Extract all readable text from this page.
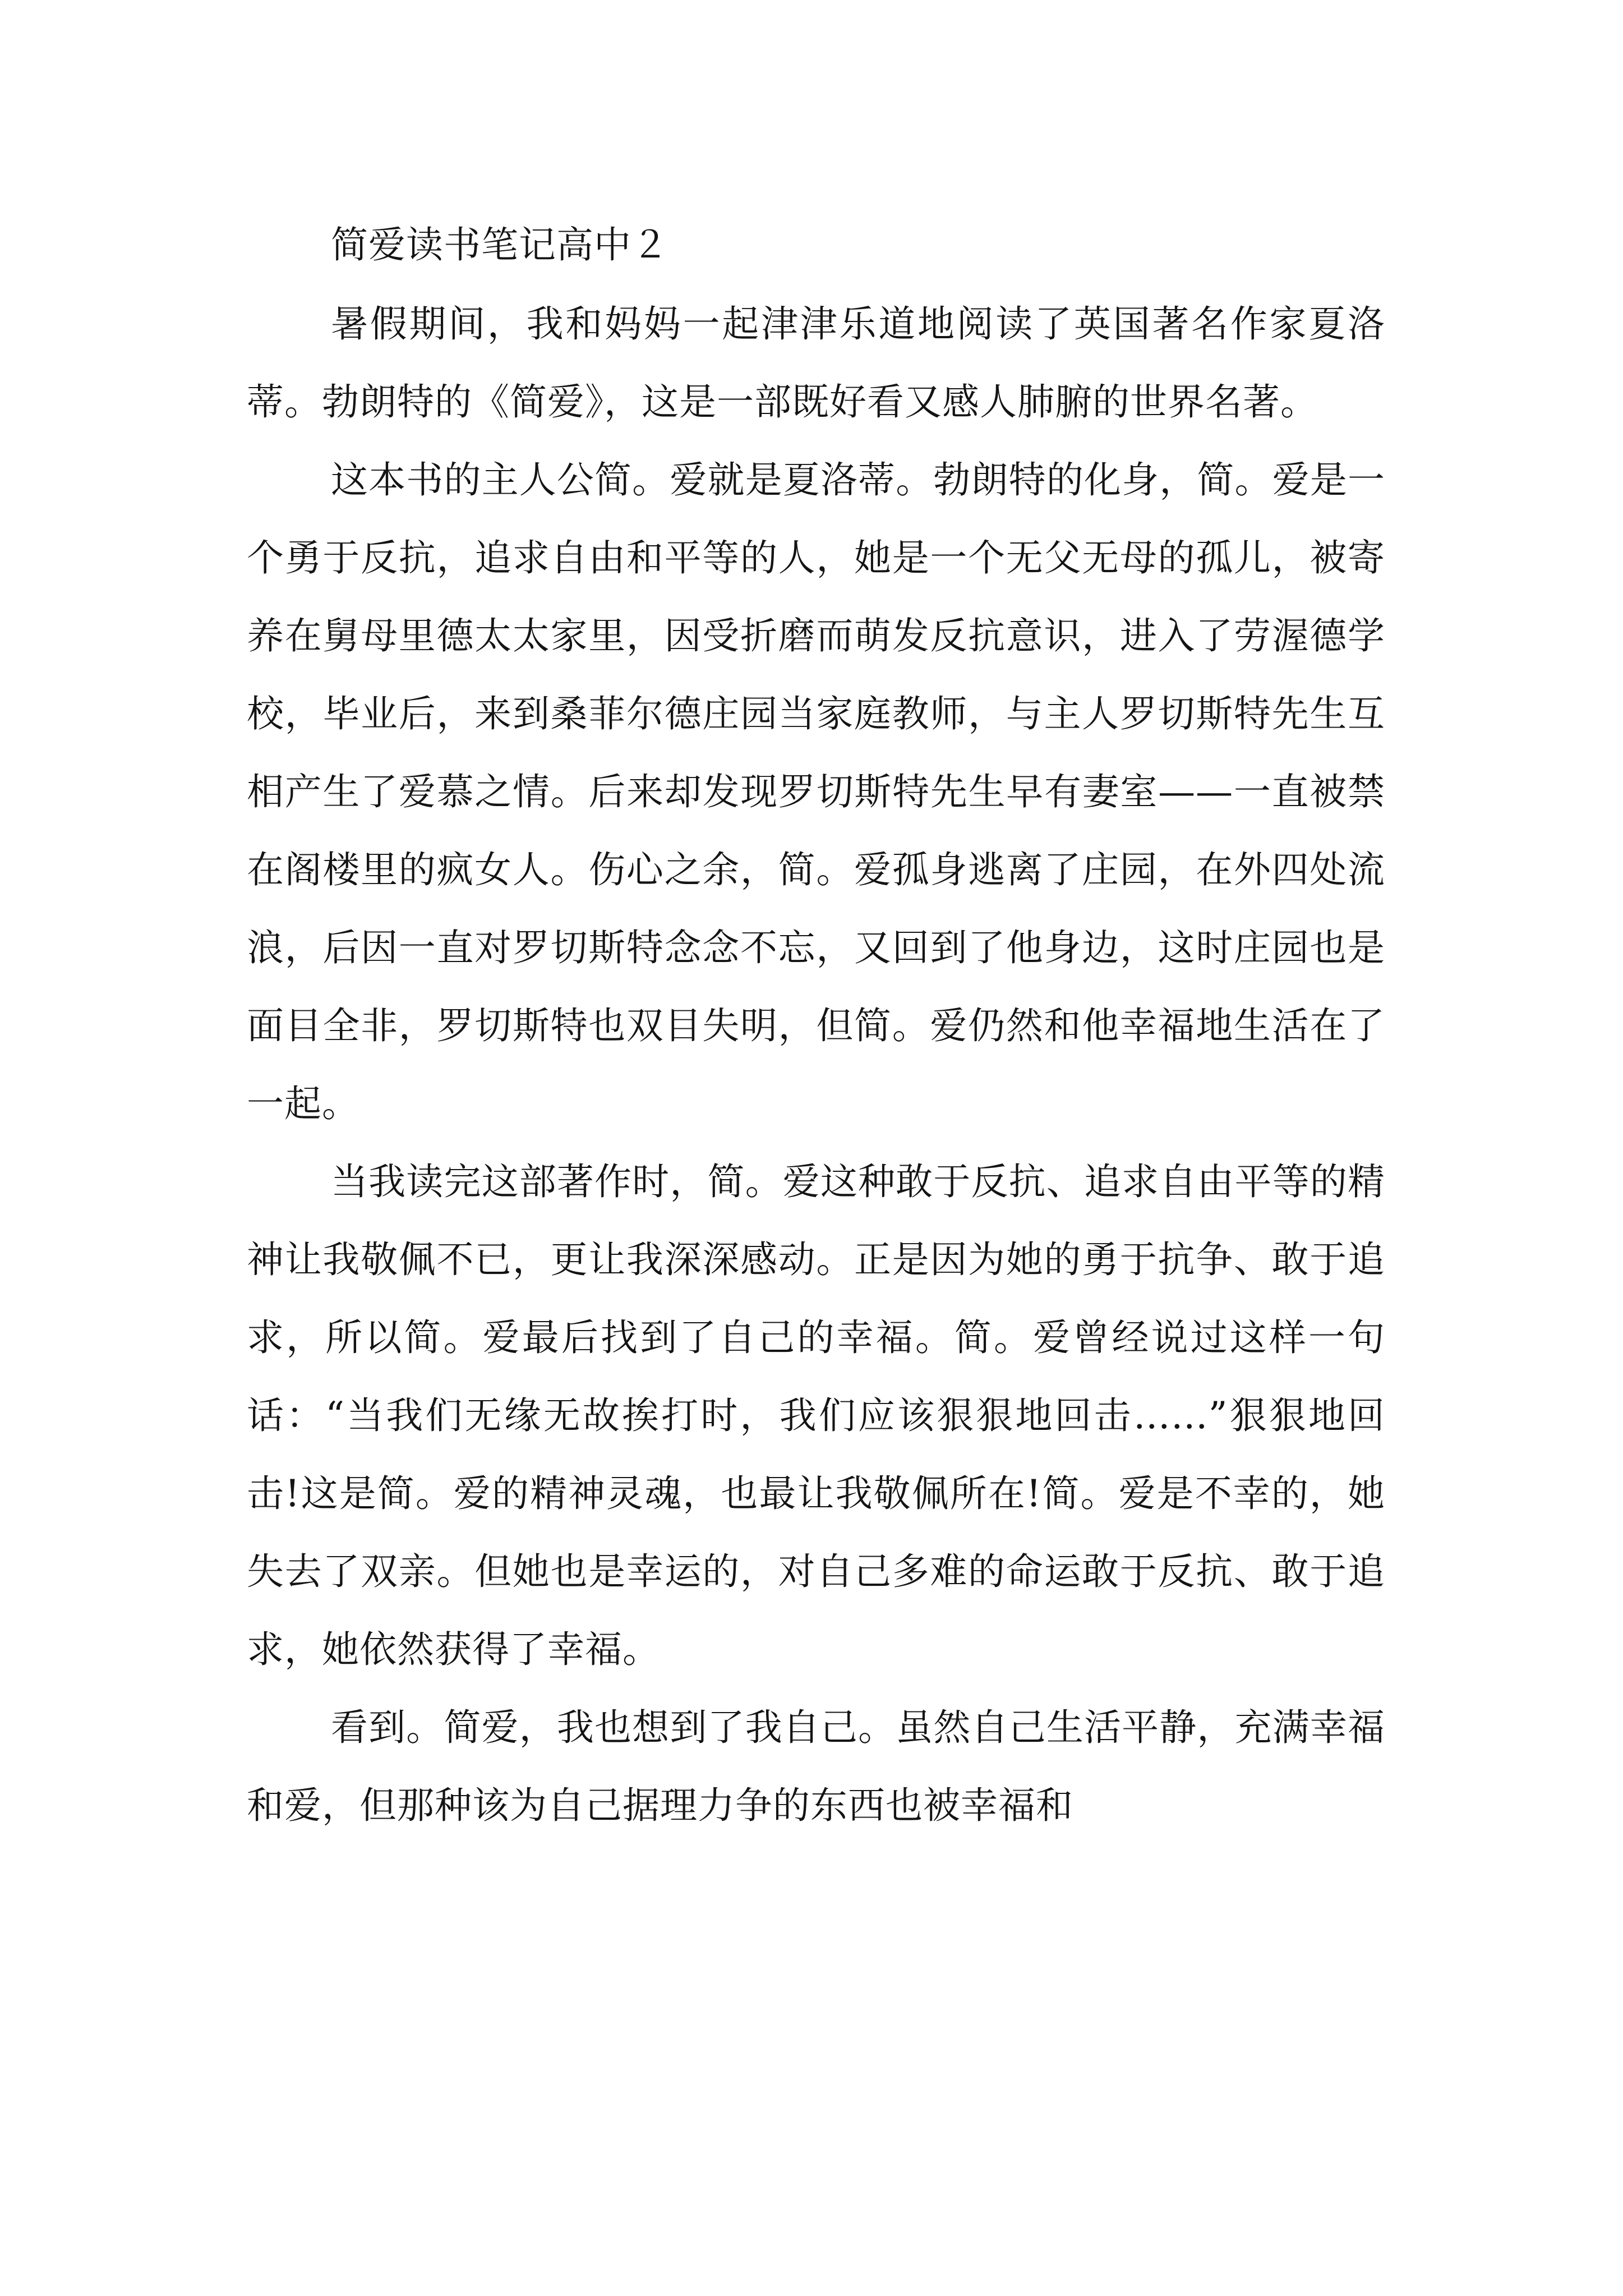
简爱读书笔记高中２

暑假期间，我和妈妈一起津津乐道地阅读了英国著名作家夏洛蒂。勃朗特的《简爱》，这是一部既好看又感人肺腑的世界名著。

这本书的主人公简。爱就是夏洛蒂。勃朗特的化身，简。爱是一个勇于反抗，追求自由和平等的人，她是一个无父无母的孤儿，被寄养在舅母里德太太家里，因受折磨而萌发反抗意识，进入了劳渥德学校，毕业后，来到桑菲尔德庄园当家庭教师，与主人罗切斯特先生互相产生了爱慕之情。后来却发现罗切斯特先生早有妻室——一直被禁在阁楼里的疯女人。伤心之余，简。爱孤身逃离了庄园，在外四处流浪，后因一直对罗切斯特念念不忘，又回到了他身边，这时庄园也是面目全非，罗切斯特也双目失明，但简。爱仍然和他幸福地生活在了一起。

当我读完这部著作时，简。爱这种敢于反抗、追求自由平等的精神让我敬佩不已，更让我深深感动。正是因为她的勇于抗争、敢于追求，所以简。爱最后找到了自己的幸福。简。爱曾经说过这样一句话：“当我们无缘无故挨打时，我们应该狠狠地回击……”狠狠地回击!这是简。爱的精神灵魂，也最让我敬佩所在!简。爱是不幸的，她失去了双亲。但她也是幸运的，对自己多难的命运敢于反抗、敢于追求，她依然获得了幸福。

看到。简爱，我也想到了我自己。虽然自己生活平静，充满幸福和爱，但那种该为自己据理力争的东西也被幸福和
